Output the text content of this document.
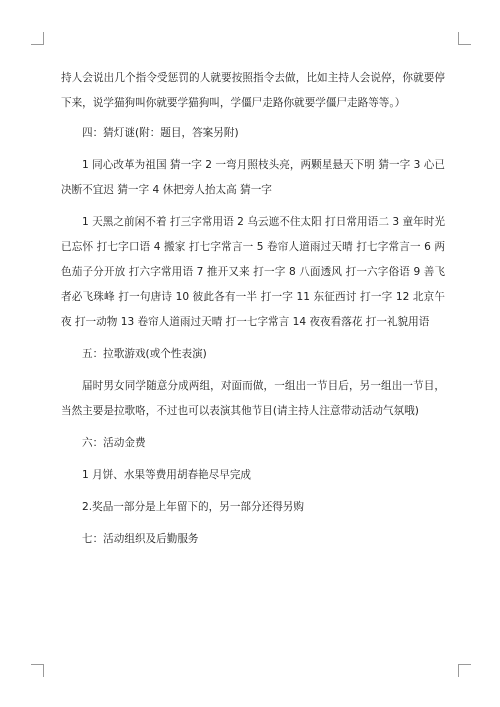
持人会说出几个指令受惩罚的人就要按照指令去做，比如主持人会说停，你就要停下来，说学猫狗叫你就要学猫狗叫，学僵尸走路你就要学僵尸走路等等。）

四：猜灯谜(附：题目，答案另附)

1 同心改革为祖国 猜一字 2 一弯月照枝头亮，两颗星悬天下明 猜一字 3 心已决断不宜迟 猜一字 4 休把旁人抬太高 猜一字

1 天黑之前闲不着 打三字常用语 2 乌云遮不住太阳 打日常用语二 3 童年时光已忘怀 打七字口语 4 搬家 打七字常言一 5 卷帘人道雨过天晴 打七字常言一 6 两色茄子分开放 打六字常用语 7 推开又来 打一字 8 八面透风 打一六字俗语 9 善飞者必飞珠峰 打一句唐诗 10 彼此各有一半 打一字 11 东征西讨 打一字 12 北京午夜 打一动物 13 卷帘人道雨过天晴 打一七字常言 14 夜夜看落花 打一礼貌用语

五：拉歌游戏(或个性表演)

届时男女同学随意分成两组，对面而做，一组出一节目后，另一组出一节目，当然主要是拉歌咯，不过也可以表演其他节目(请主持人注意带动活动气氛哦)

六：活动金费

1 月饼、水果等费用胡春艳尽早完成

2.奖品一部分是上年留下的，另一部分还得另购

七：活动组织及后勤服务
